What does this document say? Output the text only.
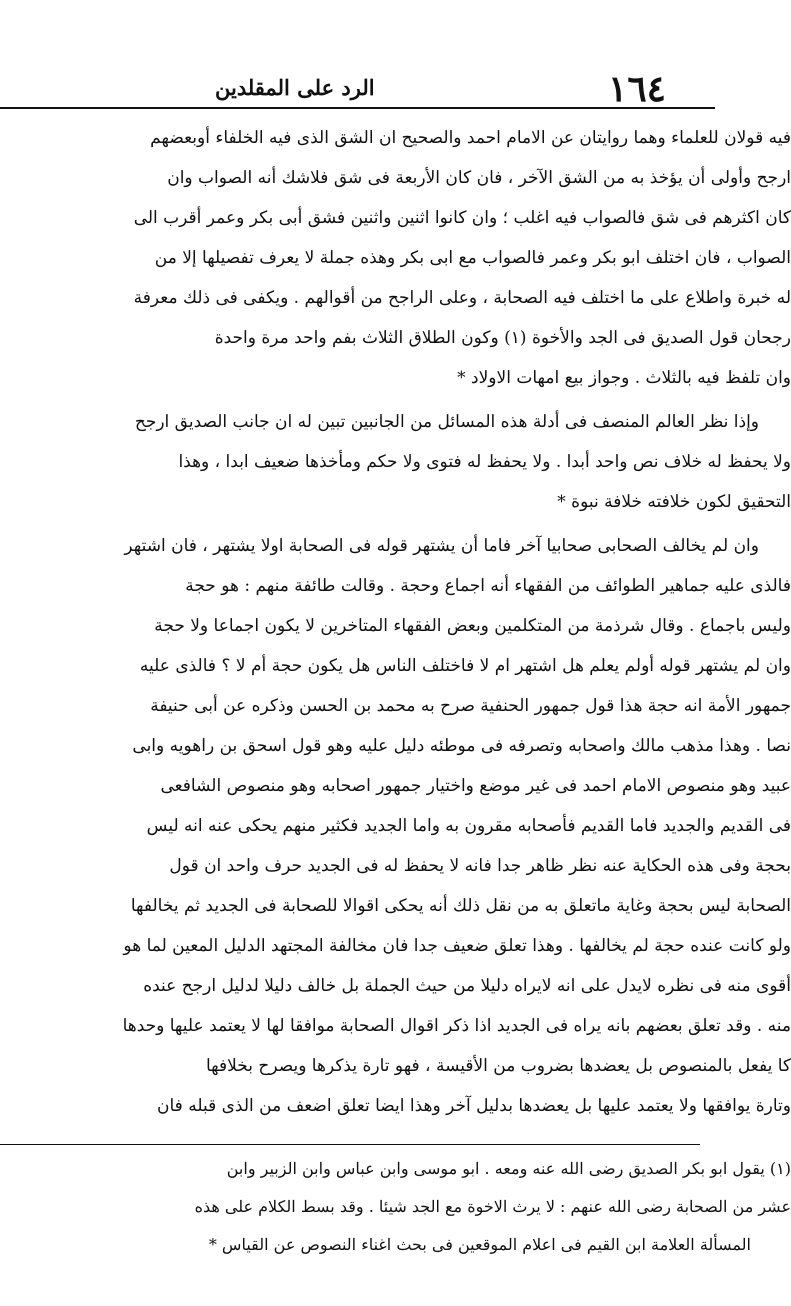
١٦٤
الرد على المقلدين
فيه قولان للعلماء وهما روايتان عن الامام احمد والصحيح ان الشق الذى فيه الخلفاء أوبعضهم
ارجح وأولى أن يؤخذ به من الشق الآخر ، فان كان الأربعة فى شق فلاشك أنه الصواب وان
كان اكثرهم فى شق فالصواب فيه اغلب ؛ وان كانوا اثنين واثنين فشق أبى بكر وعمر أقرب الى
الصواب ، فان اختلف ابو بكر وعمر فالصواب مع ابى بكر وهذه جملة لا يعرف تفصيلها إلا من
له خبرة واطلاع على ما اختلف فيه الصحابة ، وعلى الراجح من أقوالهم . ويكفى فى ذلك معرفة
رجحان قول الصديق فى الجد والأخوة (١) وكون الطلاق الثلاث بفم واحد مرة واحدة
وان تلفظ فيه بالثلاث . وجواز بيع امهات الاولاد *
وإذا نظر العالم المنصف فى أدلة هذه المسائل من الجانبين تبين له ان جانب الصديق ارجح
ولا يحفظ له خلاف نص واحد أبدا . ولا يحفظ له فتوى ولا حكم ومأخذها ضعيف ابدا ، وهذا
التحقيق لكون خلافته خلافة نبوة *
وان لم يخالف الصحابى صحابيا آخر فاما أن يشتهر قوله فى الصحابة اولا يشتهر ، فان اشتهر
فالذى عليه جماهير الطوائف من الفقهاء أنه اجماع وحجة . وقالت طائفة منهم : هو حجة
وليس باجماع . وقال شرذمة من المتكلمين وبعض الفقهاء المتاخرين لا يكون اجماعا ولا حجة
وان لم يشتهر قوله أولم يعلم هل اشتهر ام لا فاختلف الناس هل يكون حجة أم لا ؟ فالذى عليه
جمهور الأمة انه حجة هذا قول جمهور الحنفية صرح به محمد بن الحسن وذكره عن أبى حنيفة
نصا . وهذا مذهب مالك واصحابه وتصرفه فى موطئه دليل عليه وهو قول اسحق بن راهويه وابى
عبيد وهو منصوص الامام احمد فى غير موضع واختيار جمهور اصحابه وهو منصوص الشافعى
فى القديم والجديد فاما القديم فأصحابه مقرون به واما الجديد فكثير منهم يحكى عنه انه ليس
بحجة وفى هذه الحكاية عنه نظر ظاهر جدا فانه لا يحفظ له فى الجديد حرف واحد ان قول
الصحابة ليس بحجة وغاية ماتعلق به من نقل ذلك أنه يحكى اقوالا للصحابة فى الجديد ثم يخالفها
ولو كانت عنده حجة لم يخالفها . وهذا تعلق ضعيف جدا فان مخالفة المجتهد الدليل المعين لما هو
أقوى منه فى نظره لايدل على انه لايراه دليلا من حيث الجملة بل خالف دليلا لدليل ارجح عنده
منه . وقد تعلق بعضهم بانه يراه فى الجديد اذا ذكر اقوال الصحابة موافقا لها لا يعتمد عليها وحدها
كا يفعل بالمنصوص بل يعضدها بضروب من الأقيسة ، فهو تارة يذكرها ويصرح بخلافها
وتارة يوافقها ولا يعتمد عليها بل يعضدها بدليل آخر وهذا ايضا تعلق اضعف من الذى قبله فان
(١) يقول ابو بكر الصديق رضى الله عنه ومعه . ابو موسى وابن عباس وابن الزبير وابن
عشر من الصحابة رضى الله عنهم : لا يرث الاخوة مع الجد شيئا . وقد بسط الكلام على هذه
المسألة العلامة ابن القيم فى اعلام الموقعين فى بحث اغناء النصوص عن القياس *
